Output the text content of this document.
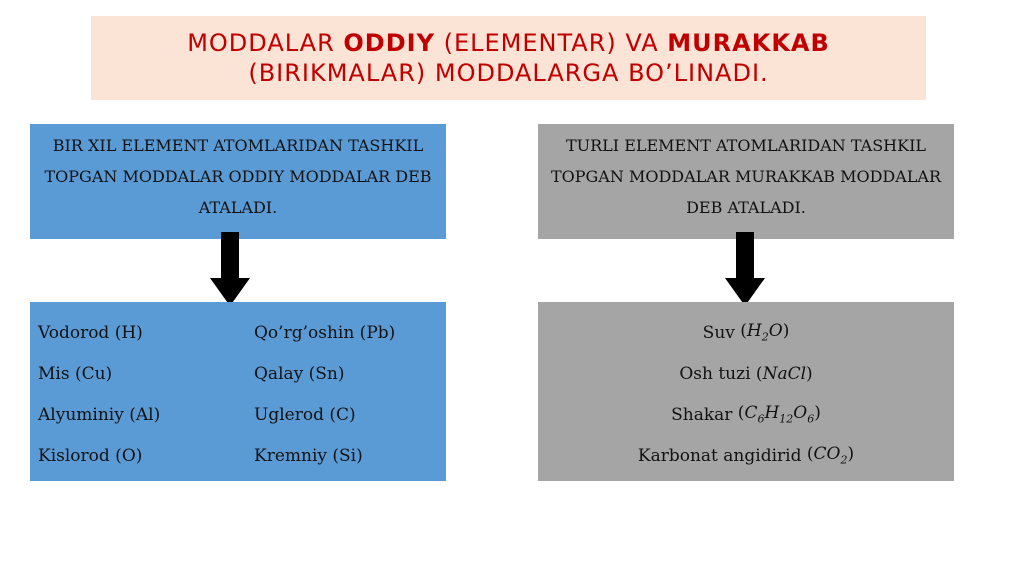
MODDALAR ODDIY (ELEMENTAR) VA MURAKKAB
(BIRIKMALAR) MODDALARGA BO’LINADI.
BIR XIL ELEMENT ATOMLARIDAN TASHKIL TOPGAN MODDALAR ODDIY MODDALAR DEB ATALADI.
TURLI ELEMENT ATOMLARIDAN TASHKIL TOPGAN MODDALAR MURAKKAB MODDALAR DEB ATALADI.
Vodorod (H)	Qo’rg’oshin (Pb)
Mis (Cu)	Qalay (Sn)
Alyuminiy (Al)	Uglerod (C)
Kislorod (O)	Kremniy (Si)
Suv $(H_2O)$
Osh tuzi (NaCl)
Shakar $(C_6H_{12}O_6)$
Karbonat angidirid $(CO_2)$
